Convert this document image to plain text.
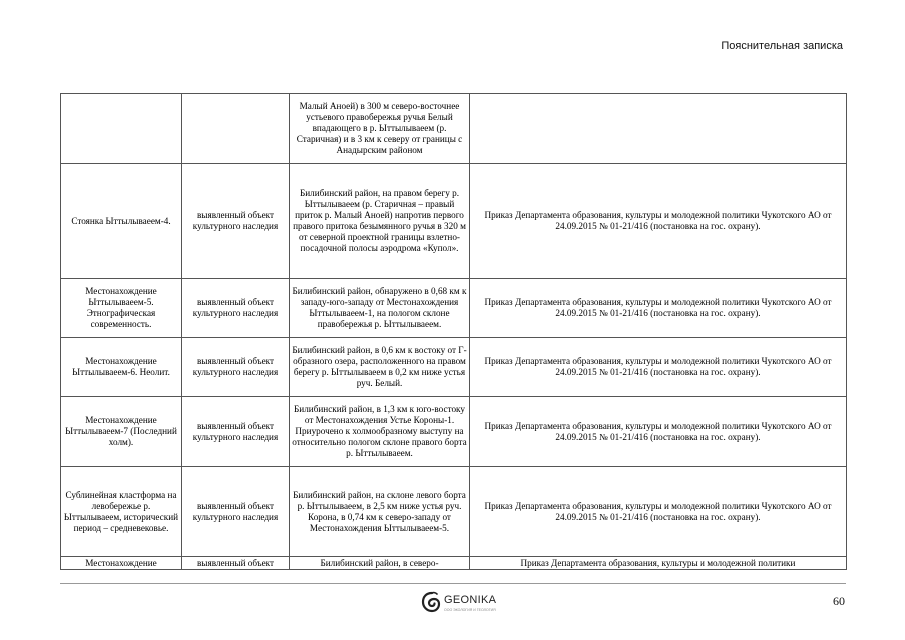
Пояснительная записка
		Малый Аноей) в 300 м северо-восточнее устьевого правобережья ручья Белый впадающего в р. Ыттылываеем (р. Старичная) и в 3 км к северу от границы с Анадырским районом	
Стоянка Ыттылываеем-4.	выявленный объект культурного наследия	Билибинский район, на правом берегу р. Ыттылываеем (р. Старичная – правый приток р. Малый Аноей) напротив первого правого притока безымянного ручья в 320 м от северной проектной границы взлетно-посадочной полосы аэродрома «Купол».	Приказ Департамента образования, культуры и молодежной политики Чукотского АО от 24.09.2015 № 01-21/416 (постановка на гос. охрану).
Местонахождение Ыттылываеем-5. Этнографическая современность.	выявленный объект культурного наследия	Билибинский район, обнаружено в 0,68 км к западу-юго-западу от Местонахождения Ыттылываеем-1, на пологом склоне правобережья р. Ыттылываеем.	Приказ Департамента образования, культуры и молодежной политики Чукотского АО от 24.09.2015 № 01-21/416 (постановка на гос. охрану).
Местонахождение Ыттылываеем-6. Неолит.	выявленный объект культурного наследия	Билибинский район, в 0,6 км к востоку от Г-образного озера, расположенного на правом берегу р. Ыттылываеем в 0,2 км ниже устья руч. Белый.	Приказ Департамента образования, культуры и молодежной политики Чукотского АО от 24.09.2015 № 01-21/416 (постановка на гос. охрану).
Местонахождение Ыттылываеем-7 (Последний холм).	выявленный объект культурного наследия	Билибинский район, в 1,3 км к юго-востоку от Местонахождения Устье Короны-1. Приурочено к холмообразному выступу на относительно пологом склоне правого борта р. Ыттылываеем.	Приказ Департамента образования, культуры и молодежной политики Чукотского АО от 24.09.2015 № 01-21/416 (постановка на гос. охрану).
Сублинейная кластформа на левобережье р. Ыттылываеем, исторический период – средневековье.	выявленный объект культурного наследия	Билибинский район, на склоне левого борта р. Ыттылываеем, в 2,5 км ниже устья руч. Корона, в 0,74 км к северо-западу от Местонахождения Ыттылываеем-5.	Приказ Департамента образования, культуры и молодежной политики Чукотского АО от 24.09.2015 № 01-21/416 (постановка на гос. охрану).
Местонахождение	выявленный объект	Билибинский район, в северо-	Приказ Департамента образования, культуры и молодежной политики
GEONIKA
ООО ЭКОЛОГИЯ И ГЕОЛОГИЯ
60
